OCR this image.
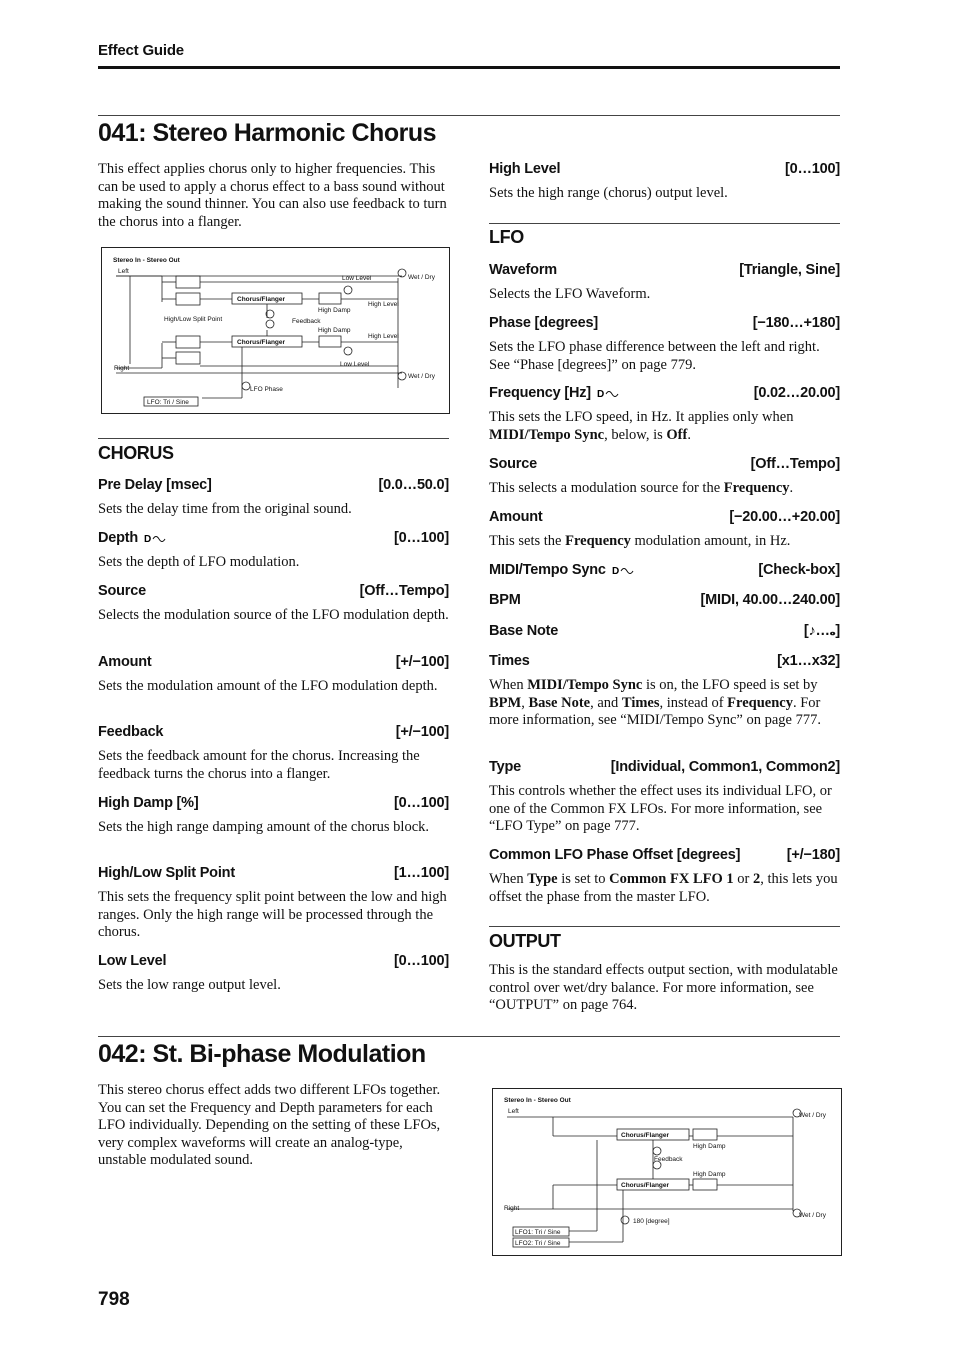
Effect Guide
041: Stereo Harmonic Chorus

This effect applies chorus only to higher frequencies. This can be used to apply a chorus effect to a bass sound without making the sound thinner. You can also use feedback to turn the chorus into a flanger.

Stereo In - Stereo Out
Left
Right
Low Level	Wet / Dry
Chorus/Flanger
High Damp
High Level
High/Low Split Point	Feedback
High Damp
Chorus/Flanger
High Level
Low Level
Wet / Dry
LFO Phase
LFO: Tri / Sine
CHORUS
Pre Delay [msec]	[0.0…50.0]

Sets the delay time from the original sound.

Depth D	[0…100]

Sets the depth of LFO modulation.

Source	[Off…Tempo]

Selects the modulation source of the LFO modulation depth.

Amount	[+/−100]

Sets the modulation amount of the LFO modulation depth.

Feedback	[+/−100]

Sets the feedback amount for the chorus. Increasing the feedback turns the chorus into a flanger.

High Damp [%]	[0…100]

Sets the high range damping amount of the chorus block.

High/Low Split Point	[1…100]

This sets the frequency split point between the low and high ranges. Only the high range will be processed through the chorus.

Low Level	[0…100]

Sets the low range output level.

High Level	[0…100]

Sets the high range (chorus) output level.

LFO
Waveform	[Triangle, Sine]

Selects the LFO Waveform.

Phase [degrees]	[−180…+180]

Sets the LFO phase difference between the left and right. See “Phase [degrees]” on page 779.

Frequency [Hz] D	[0.02…20.00]

This sets the LFO speed, in Hz. It applies only when MIDI/Tempo Sync, below, is Off.

Source	[Off…Tempo]

This selects a modulation source for the Frequency.

Amount	[−20.00…+20.00]

This sets the Frequency modulation amount, in Hz.

MIDI/Tempo Sync D	[Check-box]
BPM	[MIDI, 40.00…240.00]
Base Note	[♪…𝅝]
Times	[x1…x32]

When MIDI/Tempo Sync is on, the LFO speed is set by BPM, Base Note, and Times, instead of Frequency. For more information, see “MIDI/Tempo Sync” on page 777.

Type	[Individual, Common1, Common2]

This controls whether the effect uses its individual LFO, or one of the Common FX LFOs. For more information, see “LFO Type” on page 777.

Common LFO Phase Offset [degrees]	[+/−180]

When Type is set to Common FX LFO 1 or 2, this lets you offset the phase from the master LFO.

OUTPUT

This is the standard effects output section, with modulatable control over wet/dry balance. For more information, see “OUTPUT” on page 764.

042: St. Bi-phase Modulation

This stereo chorus effect adds two different LFOs together. You can set the Frequency and Depth parameters for each LFO individually. Depending on the setting of these LFOs, very complex waveforms will create an analog-type, unstable modulated sound.

Stereo In - Stereo Out
Left
Right
Chorus/Flanger
High Damp
Feedback
High Damp
Chorus/Flanger
Wet / Dry
Wet / Dry
180 [degree]
LFO1: Tri / Sine
LFO2: Tri / Sine
798
